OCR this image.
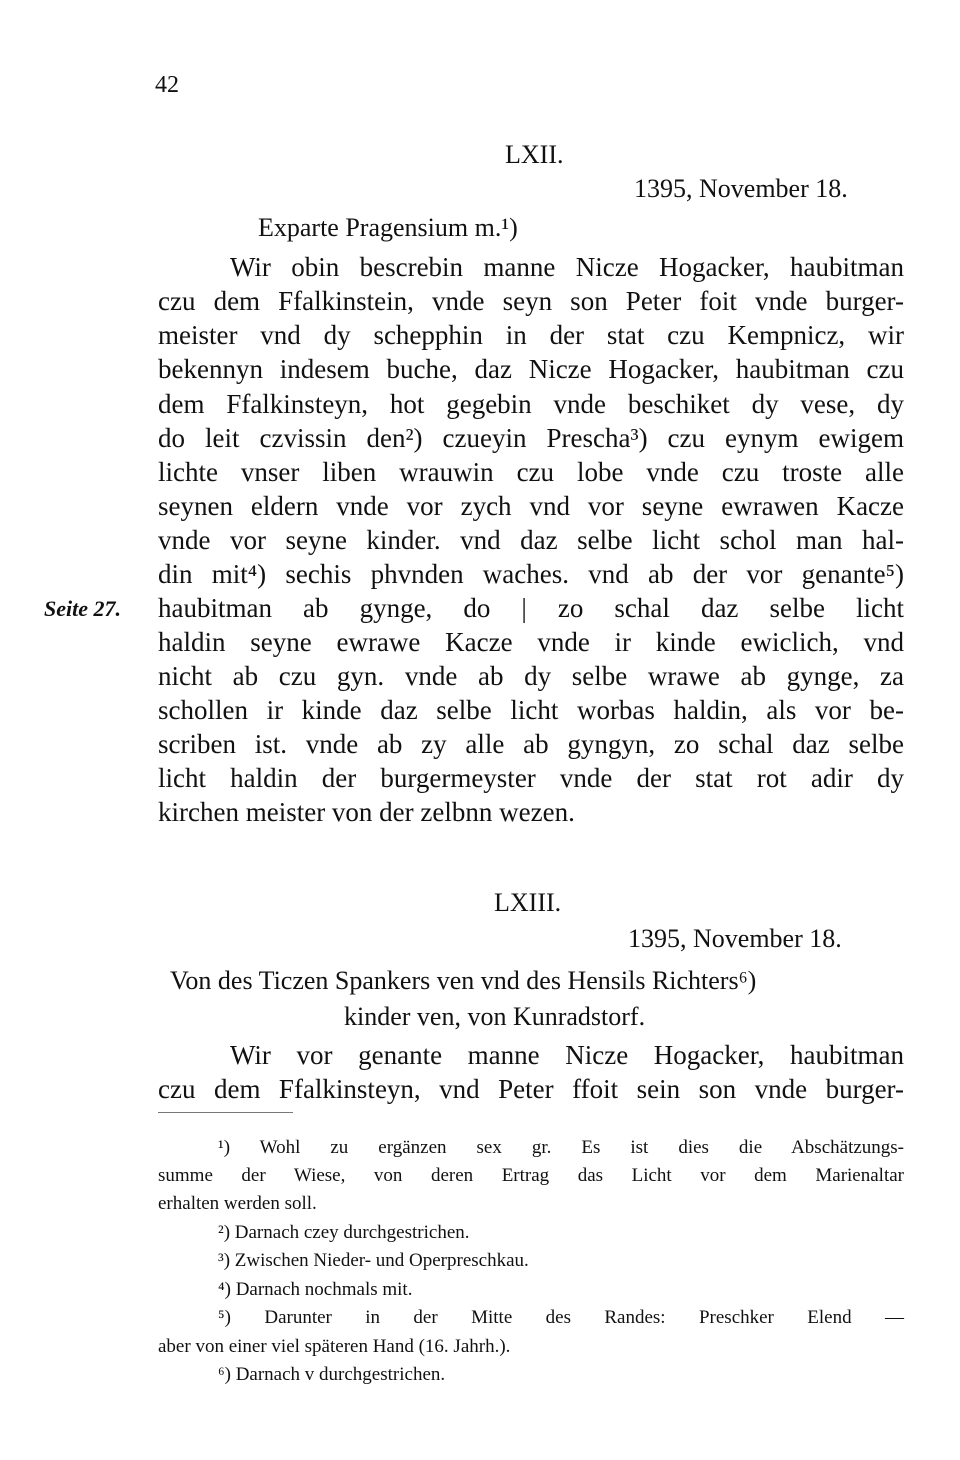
42
LXII.
1395, November 18.
Exparte Pragensium m.¹)
Wir obin bescrebin manne Nicze Hogacker, haubitman
czu dem Ffalkinstein, vnde seyn son Peter foit vnde burger-
meister vnd dy schepphin in der stat czu Kempnicz, wir
bekennyn indesem buche, daz Nicze Hogacker, haubitman czu
dem Ffalkinsteyn, hot gegebin vnde beschiket dy vese, dy
do leit czvissin den²) czueyin Prescha³) czu eynym ewigem
lichte vnser liben wrauwin czu lobe vnde czu troste alle
seynen eldern vnde vor zych vnd vor seyne ewrawen Kacze
vnde vor seyne kinder. vnd daz selbe licht schol man hal-
din mit⁴) sechis phvnden waches. vnd ab der vor genante⁵)
haubitman ab gynge, do | zo schal daz selbe licht
haldin seyne ewrawe Kacze vnde ir kinde ewiclich, vnd
nicht ab czu gyn. vnde ab dy selbe wrawe ab gynge, za
schollen ir kinde daz selbe licht worbas haldin, als vor be-
scriben ist. vnde ab zy alle ab gyngyn, zo schal daz selbe
licht haldin der burgermeyster vnde der stat rot adir dy
kirchen meister von der zelbnn wezen.
Seite 27.
LXIII.
1395, November 18.
Von des Ticzen Spankers ven vnd des Hensils Richters⁶)
kinder ven, von Kunradstorf.
Wir vor genante manne Nicze Hogacker, haubitman
czu dem Ffalkinsteyn, vnd Peter ffoit sein son vnde burger-
¹) Wohl zu ergänzen sex gr. Es ist dies die Abschätzungs-
summe der Wiese, von deren Ertrag das Licht vor dem Marienaltar
erhalten werden soll.
²) Darnach czey durchgestrichen.
³) Zwischen Nieder- und Operpreschkau.
⁴) Darnach nochmals mit.
⁵) Darunter in der Mitte des Randes: Preschker Elend —
aber von einer viel späteren Hand (16. Jahrh.).
⁶) Darnach v durchgestrichen.
